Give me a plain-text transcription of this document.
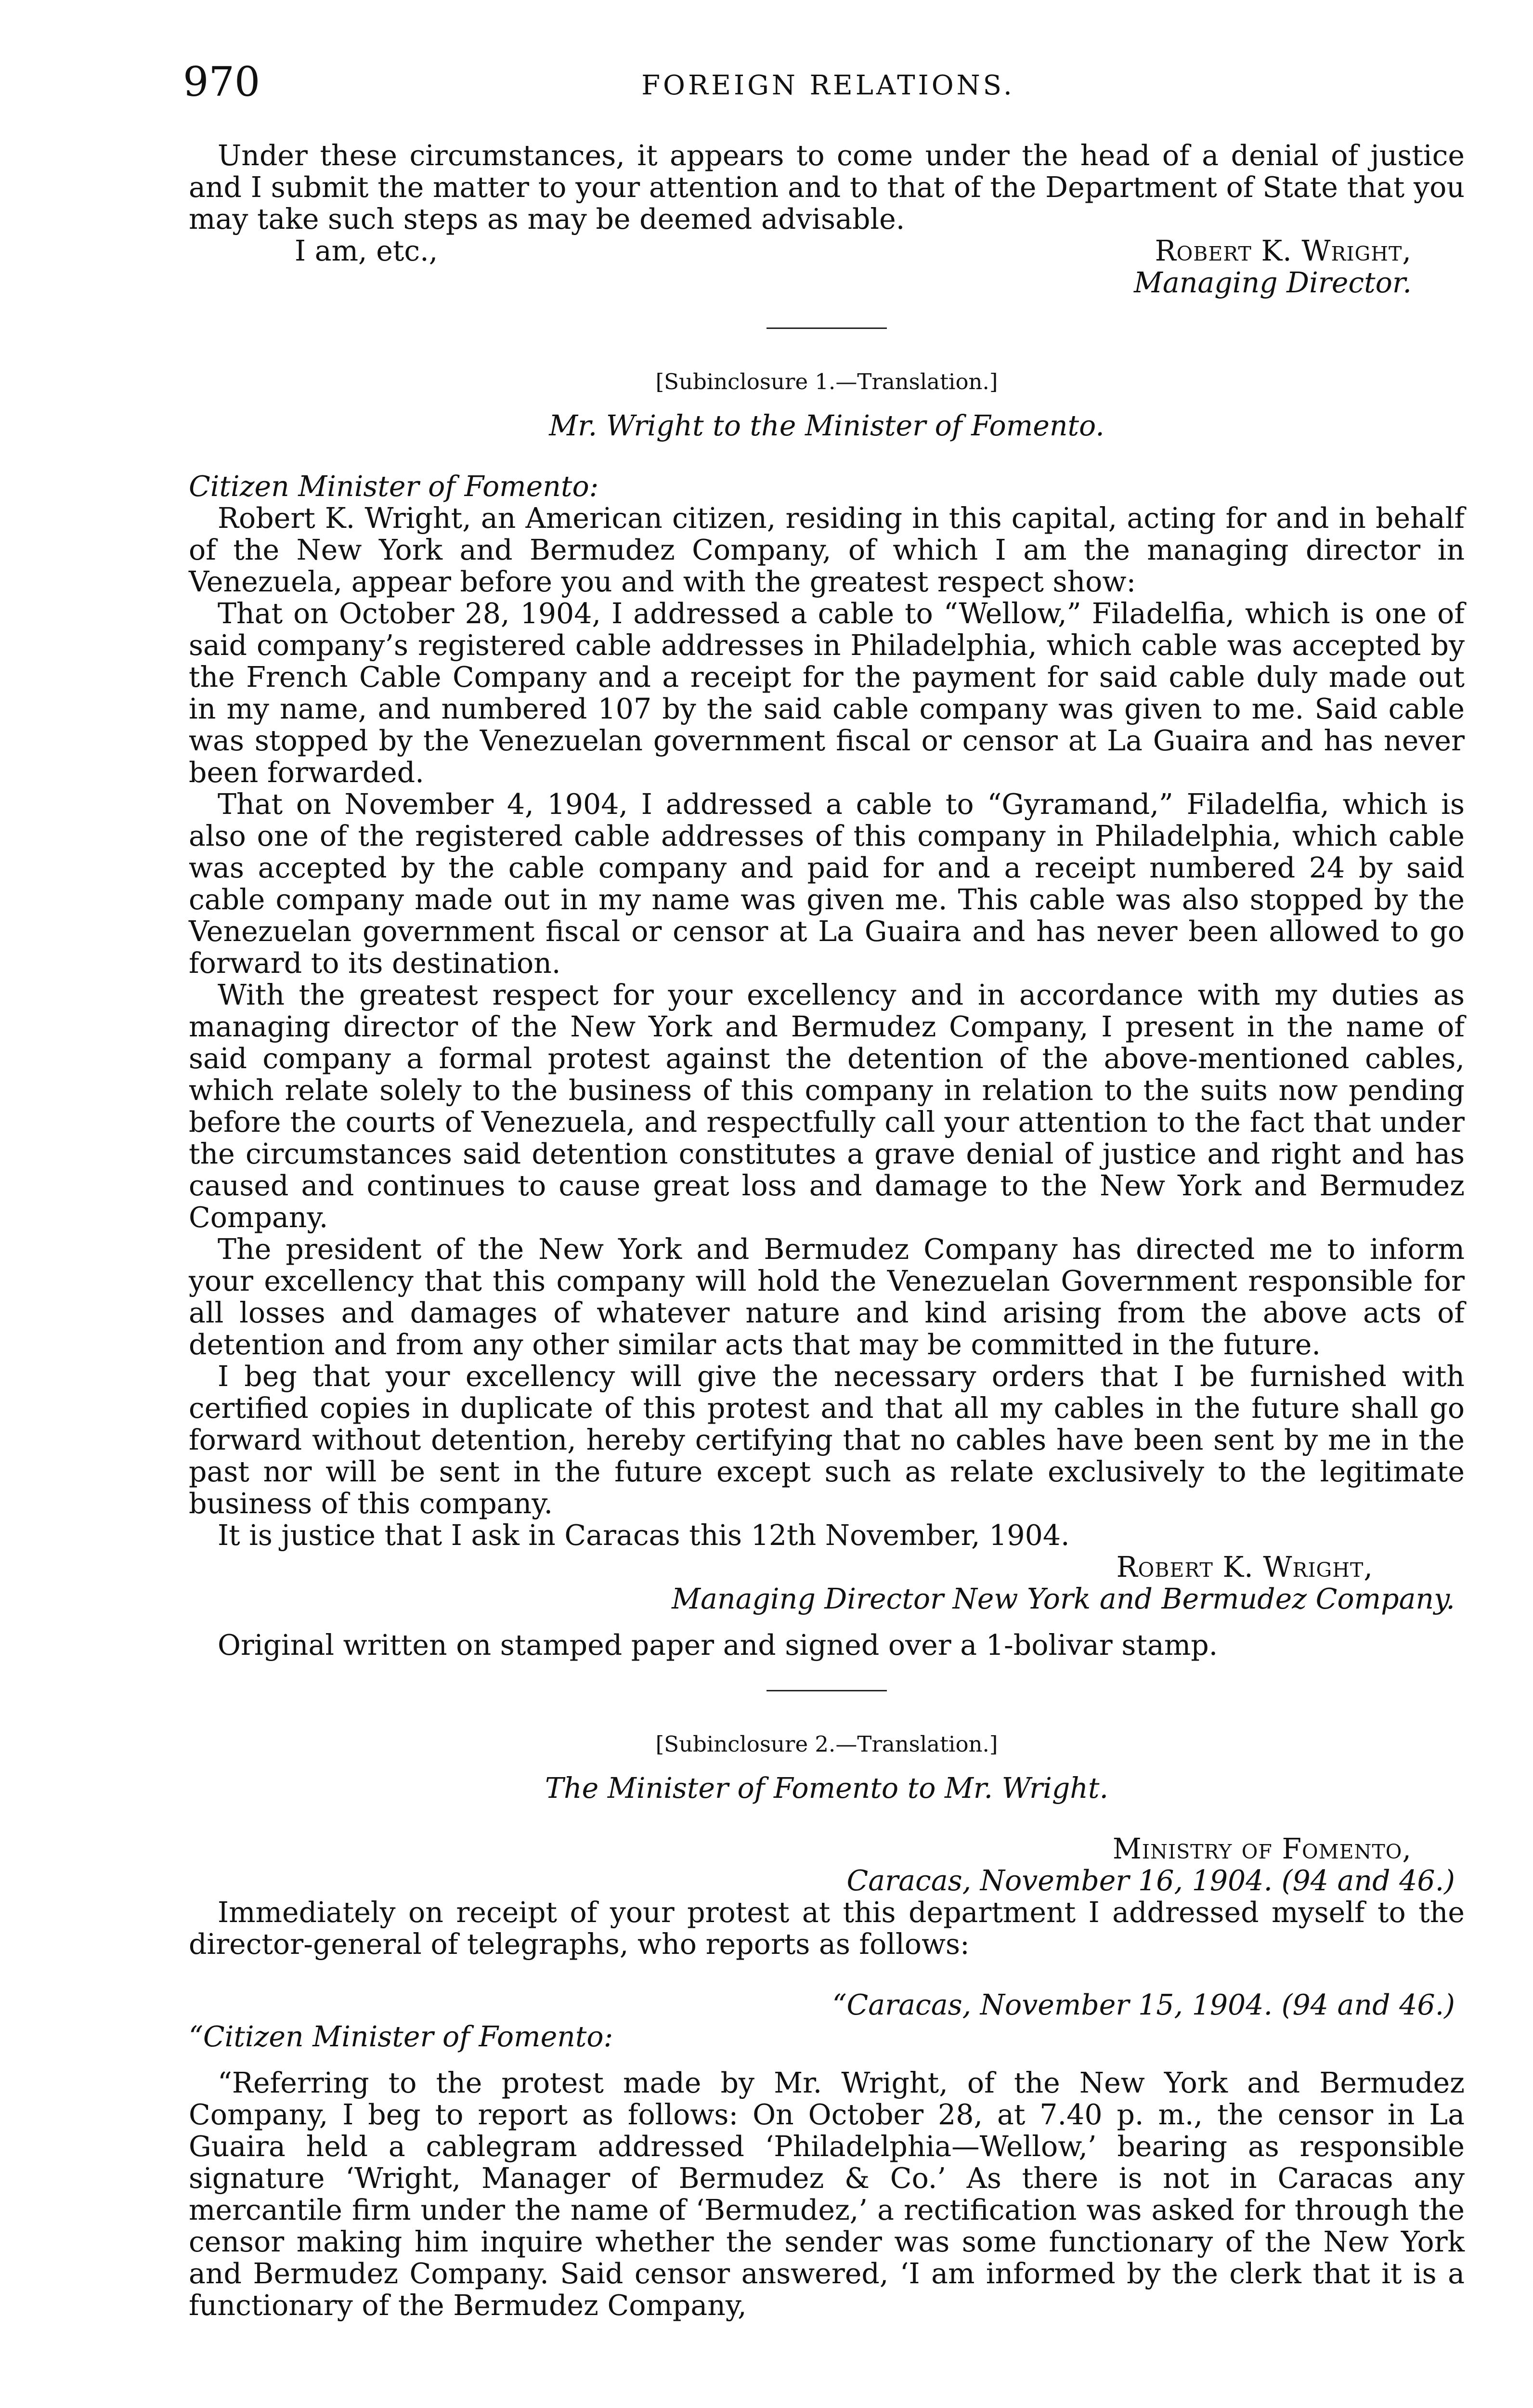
970	FOREIGN RELATIONS.

Under these circumstances, it appears to come under the head of a denial of justice and I submit the matter to your attention and to that of the Department of State that you may take such steps as may be deemed advisable.

I am, etc.,	Robert K. Wright,

Managing Director.

[Subinclosure 1.—Translation.]

Mr. Wright to the Minister of Fomento.

Citizen Minister of Fomento:

Robert K. Wright, an American citizen, residing in this capital, acting for and in behalf of the New York and Bermudez Company, of which I am the managing director in Venezuela, appear before you and with the greatest respect show:

That on October 28, 1904, I addressed a cable to “Wellow,” Filadelfia, which is one of said company’s registered cable addresses in Philadelphia, which cable was accepted by the French Cable Company and a receipt for the payment for said cable duly made out in my name, and numbered 107 by the said cable company was given to me. Said cable was stopped by the Venezuelan government fiscal or censor at La Guaira and has never been forwarded.

That on November 4, 1904, I addressed a cable to “Gyramand,” Filadelfia, which is also one of the registered cable addresses of this company in Philadelphia, which cable was accepted by the cable company and paid for and a receipt numbered 24 by said cable company made out in my name was given me. This cable was also stopped by the Venezuelan government fiscal or censor at La Guaira and has never been allowed to go forward to its destination.

With the greatest respect for your excellency and in accordance with my duties as managing director of the New York and Bermudez Company, I present in the name of said company a formal protest against the detention of the above-mentioned cables, which relate solely to the business of this company in relation to the suits now pending before the courts of Venezuela, and respectfully call your attention to the fact that under the circumstances said detention constitutes a grave denial of justice and right and has caused and continues to cause great loss and damage to the New York and Bermudez Company.

The president of the New York and Bermudez Company has directed me to inform your excellency that this company will hold the Venezuelan Government responsible for all losses and damages of whatever nature and kind arising from the above acts of detention and from any other similar acts that may be committed in the future.

I beg that your excellency will give the necessary orders that I be furnished with certified copies in duplicate of this protest and that all my cables in the future shall go forward without detention, hereby certifying that no cables have been sent by me in the past nor will be sent in the future except such as relate exclusively to the legitimate business of this company.

It is justice that I ask in Caracas this 12th November, 1904.

Robert K. Wright,

Managing Director New York and Bermudez Company.

Original written on stamped paper and signed over a 1-bolivar stamp.

[Subinclosure 2.—Translation.]

The Minister of Fomento to Mr. Wright.

Ministry of Fomento,

Caracas, November 16, 1904. (94 and 46.)

Immediately on receipt of your protest at this department I addressed myself to the director-general of telegraphs, who reports as follows:

“Caracas, November 15, 1904. (94 and 46.)

“Citizen Minister of Fomento:

“Referring to the protest made by Mr. Wright, of the New York and Bermudez Company, I beg to report as follows: On October 28, at 7.40 p. m., the censor in La Guaira held a cablegram addressed ‘Philadelphia—Wellow,’ bearing as responsible signature ‘Wright, Manager of Bermudez & Co.’ As there is not in Caracas any mercantile firm under the name of ‘Bermudez,’ a rectification was asked for through the censor making him inquire whether the sender was some functionary of the New York and Bermudez Company. Said censor answered, ‘I am informed by the clerk that it is a functionary of the Bermudez Company,
